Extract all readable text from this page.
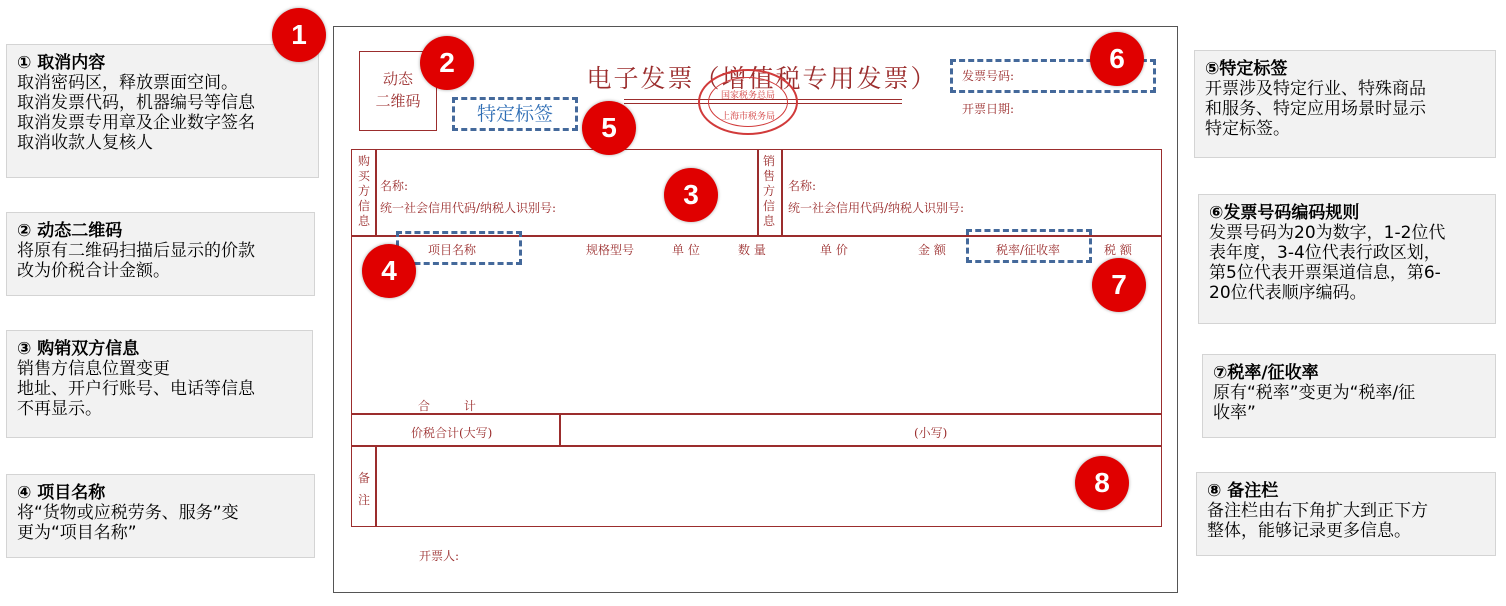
① 取消内容
取消密码区，释放票面空间。
取消发票代码，机器编号等信息
取消发票专用章及企业数字签名
取消收款人复核人
② 动态二维码
将原有二维码扫描后显示的价款
改为价税合计金额。
③ 购销双方信息
销售方信息位置变更
地址、开户行账号、电话等信息
不再显示。
④ 项目名称
将“货物或应税劳务、服务”变
更为“项目名称”
⑤特定标签
开票涉及特定行业、特殊商品
和服务、特定应用场景时显示
特定标签。
⑥发票号码编码规则
发票号码为20为数字，1-2位代
表年度，3-4位代表行政区划，
第5位代表开票渠道信息，第6-
20位代表顺序编码。
⑦税率/征收率
原有“税率”变更为“税率/征
收率”
⑧ 备注栏
备注栏由右下角扩大到正下方
整体，能够记录更多信息。
动态
二维码
特定标签
电子发票（增值税专用发票）
国家税务总局
上海市税务局
发票号码:
开票日期:
购买方信息
名称:
统一社会信用代码/纳税人识别号:
销售方信息
名称:
统一社会信用代码/纳税人识别号:
项目名称	规格型号	单 位	数 量	单 价	金 额	税率/征收率	税 额
合 计
价税合计(大写)	(小写)
备注
开票人:
1
2
3
4
5
6
7
8
